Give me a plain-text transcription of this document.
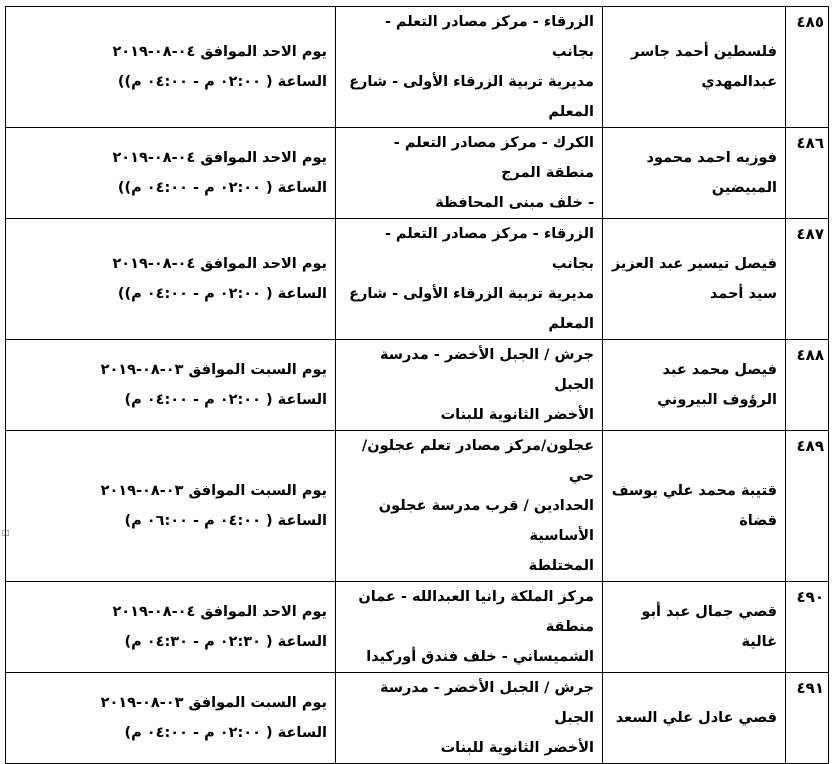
٤٨٥	فلسطين أحمد جاسر عبدالمهدي	الزرقاء - مركز مصادر التعلم - بجانب
مديرية تربية الزرقاء الأولى - شارع المعلم	يوم الاحد الموافق ٠٤-٠٨-٢٠١٩
الساعة ( ٠٢:٠٠ م - ٠٤:٠٠ م))

٤٨٦	فوزيه احمد محمود المبيضين	الكرك - مركز مصادر التعلم - منطقة المرج
- خلف مبنى المحافظة	يوم الاحد الموافق ٠٤-٠٨-٢٠١٩
الساعة ( ٠٢:٠٠ م - ٠٤:٠٠ م))

٤٨٧	فيصل تيسير عبد العزيز سيد أحمد	الزرقاء - مركز مصادر التعلم - بجانب
مديرية تربية الزرقاء الأولى - شارع المعلم	يوم الاحد الموافق ٠٤-٠٨-٢٠١٩
الساعة ( ٠٢:٠٠ م - ٠٤:٠٠ م))

٤٨٨	فيصل محمد عبد الرؤوف البيروني	جرش / الجبل الأخضر - مدرسة الجبل
الأخضر الثانوية للبنات	يوم السبت الموافق ٠٣-٠٨-٢٠١٩
الساعة ( ٠٢:٠٠ م - ٠٤:٠٠ م)

٤٨٩	قتيبة محمد علي يوسف قضاة	عجلون/مركز مصادر تعلم عجلون/حي
الحدادين / قرب مدرسة عجلون الأساسية
المختلطة	يوم السبت الموافق ٠٣-٠٨-٢٠١٩
الساعة ( ٠٤:٠٠ م - ٠٦:٠٠ م)

٤٩٠	قصي جمال عبد أبو غالية	مركز الملكة رانيا العبدالله - عمان منطقة
الشميساني - خلف فندق أوركيدا	يوم الاحد الموافق ٠٤-٠٨-٢٠١٩
الساعة ( ٠٢:٣٠ م - ٠٤:٣٠ م)

٤٩١	قصي عادل علي السعد	جرش / الجبل الأخضر - مدرسة الجبل
الأخضر الثانوية للبنات	يوم السبت الموافق ٠٣-٠٨-٢٠١٩
الساعة ( ٠٢:٠٠ م - ٠٤:٠٠ م)
□
